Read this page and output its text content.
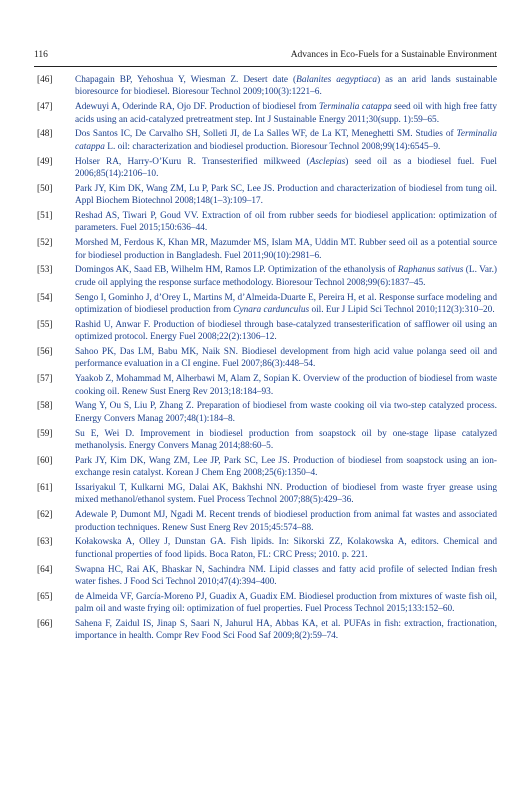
116	Advances in Eco-Fuels for a Sustainable Environment
[46]	Chapagain BP, Yehoshua Y, Wiesman Z. Desert date (Balanites aegyptiaca) as an arid lands sustainable bioresource for biodiesel. Bioresour Technol 2009;100(3):1221–6.
[47]	Adewuyi A, Oderinde RA, Ojo DF. Production of biodiesel from Terminalia catappa seed oil with high free fatty acids using an acid-catalyzed pretreatment step. Int J Sustainable Energy 2011;30(supp. 1):59–65.
[48]	Dos Santos IC, De Carvalho SH, Solleti JI, de La Salles WF, de La KT, Meneghetti SM. Studies of Terminalia catappa L. oil: characterization and biodiesel production. Bioresour Technol 2008;99(14):6545–9.
[49]	Holser RA, Harry-O’Kuru R. Transesterified milkweed (Asclepias) seed oil as a biodiesel fuel. Fuel 2006;85(14):2106–10.
[50]	Park JY, Kim DK, Wang ZM, Lu P, Park SC, Lee JS. Production and characterization of biodiesel from tung oil. Appl Biochem Biotechnol 2008;148(1–3):109–17.
[51]	Reshad AS, Tiwari P, Goud VV. Extraction of oil from rubber seeds for biodiesel application: optimization of parameters. Fuel 2015;150:636–44.
[52]	Morshed M, Ferdous K, Khan MR, Mazumder MS, Islam MA, Uddin MT. Rubber seed oil as a potential source for biodiesel production in Bangladesh. Fuel 2011;90(10):2981–6.
[53]	Domingos AK, Saad EB, Wilhelm HM, Ramos LP. Optimization of the ethanolysis of Raphanus sativus (L. Var.) crude oil applying the response surface methodology. Bioresour Technol 2008;99(6):1837–45.
[54]	Sengo I, Gominho J, d’Orey L, Martins M, d’Almeida-Duarte E, Pereira H, et al. Response surface modeling and optimization of biodiesel production from Cynara cardunculus oil. Eur J Lipid Sci Technol 2010;112(3):310–20.
[55]	Rashid U, Anwar F. Production of biodiesel through base-catalyzed transesterification of safflower oil using an optimized protocol. Energy Fuel 2008;22(2):1306–12.
[56]	Sahoo PK, Das LM, Babu MK, Naik SN. Biodiesel development from high acid value polanga seed oil and performance evaluation in a CI engine. Fuel 2007;86(3):448–54.
[57]	Yaakob Z, Mohammad M, Alherbawi M, Alam Z, Sopian K. Overview of the production of biodiesel from waste cooking oil. Renew Sust Energ Rev 2013;18:184–93.
[58]	Wang Y, Ou S, Liu P, Zhang Z. Preparation of biodiesel from waste cooking oil via two-step catalyzed process. Energy Convers Manag 2007;48(1):184–8.
[59]	Su E, Wei D. Improvement in biodiesel production from soapstock oil by one-stage lipase catalyzed methanolysis. Energy Convers Manag 2014;88:60–5.
[60]	Park JY, Kim DK, Wang ZM, Lee JP, Park SC, Lee JS. Production of biodiesel from soapstock using an ion-exchange resin catalyst. Korean J Chem Eng 2008;25(6):1350–4.
[61]	Issariyakul T, Kulkarni MG, Dalai AK, Bakhshi NN. Production of biodiesel from waste fryer grease using mixed methanol/ethanol system. Fuel Process Technol 2007;88(5):429–36.
[62]	Adewale P, Dumont MJ, Ngadi M. Recent trends of biodiesel production from animal fat wastes and associated production techniques. Renew Sust Energ Rev 2015;45:574–88.
[63]	Kołakowska A, Olley J, Dunstan GA. Fish lipids. In: Sikorski ZZ, Kolakowska A, editors. Chemical and functional properties of food lipids. Boca Raton, FL: CRC Press; 2010. p. 221.
[64]	Swapna HC, Rai AK, Bhaskar N, Sachindra NM. Lipid classes and fatty acid profile of selected Indian fresh water fishes. J Food Sci Technol 2010;47(4):394–400.
[65]	de Almeida VF, García-Moreno PJ, Guadix A, Guadix EM. Biodiesel production from mixtures of waste fish oil, palm oil and waste frying oil: optimization of fuel properties. Fuel Process Technol 2015;133:152–60.
[66]	Sahena F, Zaidul IS, Jinap S, Saari N, Jahurul HA, Abbas KA, et al. PUFAs in fish: extraction, fractionation, importance in health. Compr Rev Food Sci Food Saf 2009;8(2):59–74.
